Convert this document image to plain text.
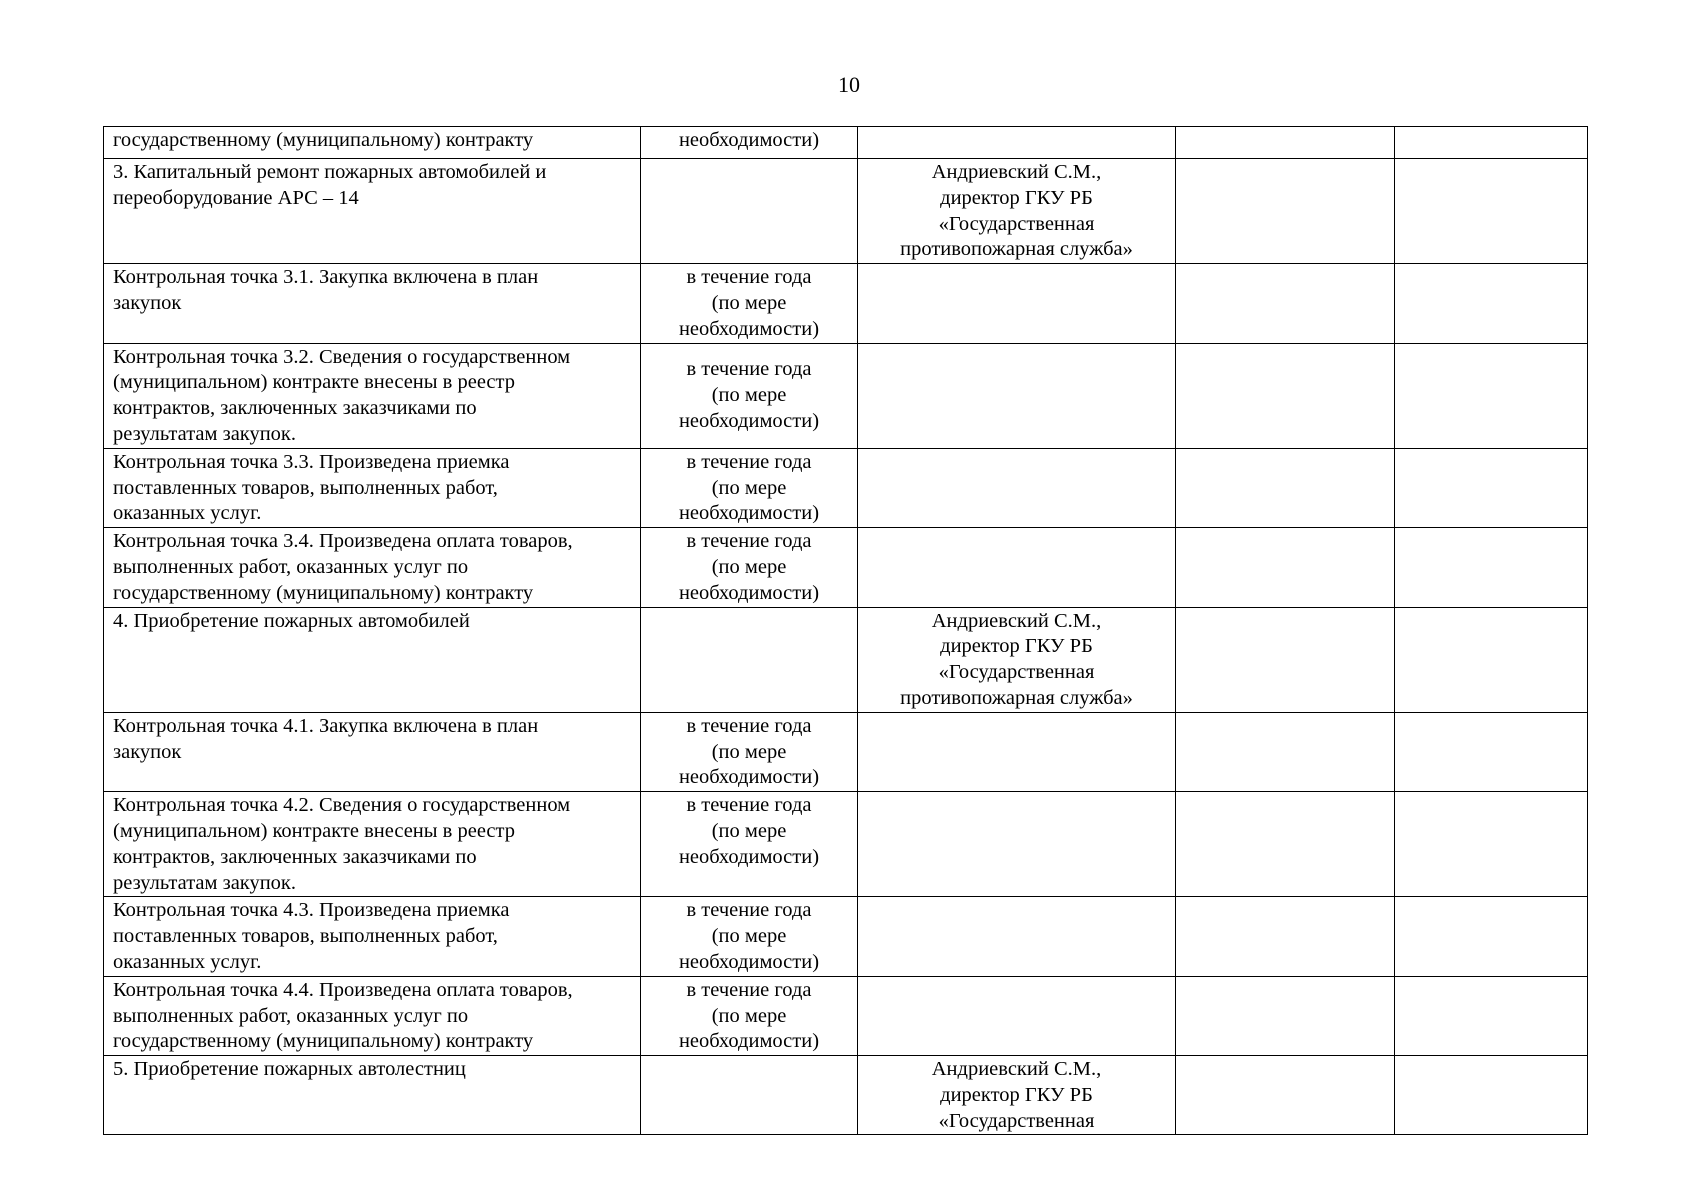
10
государственному (муниципальному) контракту	необходимости)			

3. Капитальный ремонт пожарных автомобилей и
переоборудование АРС – 14		Андриевский С.М.,
директор ГКУ РБ
«Государственная
противопожарная служба»		

Контрольная точка 3.1. Закупка включена в план
закупок	в течение года
(по мере
необходимости)			

Контрольная точка 3.2. Сведения о государственном
(муниципальном) контракте внесены в реестр
контрактов, заключенных заказчиками по
результатам закупок.	в течение года
(по мере
необходимости)			

Контрольная точка 3.3. Произведена приемка
поставленных товаров, выполненных работ,
оказанных услуг.	в течение года
(по мере
необходимости)			

Контрольная точка 3.4. Произведена оплата товаров,
выполненных работ, оказанных услуг по
государственному (муниципальному) контракту	в течение года
(по мере
необходимости)			

4. Приобретение пожарных автомобилей		Андриевский С.М.,
директор ГКУ РБ
«Государственная
противопожарная служба»		

Контрольная точка 4.1. Закупка включена в план
закупок	в течение года
(по мере
необходимости)			

Контрольная точка 4.2. Сведения о государственном
(муниципальном) контракте внесены в реестр
контрактов, заключенных заказчиками по
результатам закупок.	в течение года
(по мере
необходимости)			

Контрольная точка 4.3. Произведена приемка
поставленных товаров, выполненных работ,
оказанных услуг.	в течение года
(по мере
необходимости)			

Контрольная точка 4.4. Произведена оплата товаров,
выполненных работ, оказанных услуг по
государственному (муниципальному) контракту	в течение года
(по мере
необходимости)			

5. Приобретение пожарных автолестниц		Андриевский С.М.,
директор ГКУ РБ
«Государственная		
